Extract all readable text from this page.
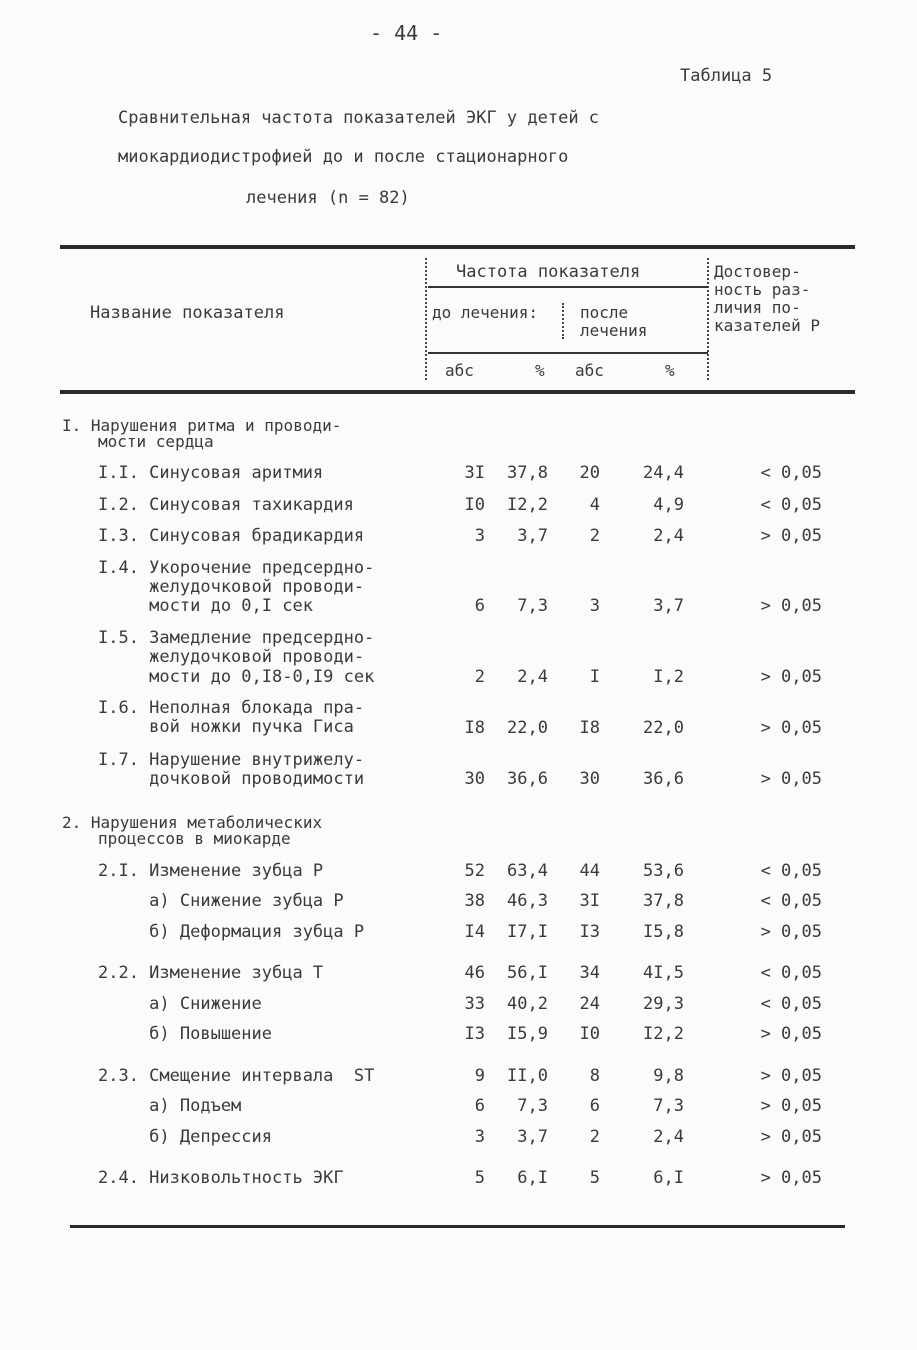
- 44 -
Таблица 5
Сравнительная частота показателей ЭКГ у детей с
миокардиодистрофией до и после стационарного
лечения (n = 82)
Название показателя
Частота показателя
до лечения:	после
лечения
Достовер-
ность раз-
личия по-
казателей Р
абс	% абс	%
I. Нарушения ритма и проводи-
мости сердца
I.I. Синусовая аритмия	3I	37,8	20	24,4	< 0,05
I.2. Синусовая тахикардия	I0	I2,2	4	4,9	< 0,05
I.3. Синусовая брадикардия	3	3,7	2	2,4	> 0,05
I.4. Укорочение предсердно-
желудочковой проводи-
мости до 0,I сек	6	7,3	3	3,7	> 0,05
I.5. Замедление предсердно-
желудочковой проводи-
мости до 0,I8-0,I9 сек	2	2,4	I	I,2	> 0,05
I.6. Неполная блокада пра-
вой ножки пучка Гиса	I8	22,0	I8	22,0	> 0,05
I.7. Нарушение внутрижелу-
дочковой проводимости	30	36,6	30	36,6	> 0,05
2. Нарушения метаболических
процессов в миокарде
2.I. Изменение зубца Р	52	63,4	44	53,6	< 0,05
а) Снижение зубца Р	38	46,3	3I	37,8	< 0,05
б) Деформация зубца Р	I4	I7,I	I3	I5,8	> 0,05
2.2. Изменение зубца Т	46	56,I	34	4I,5	< 0,05
а) Снижение	33	40,2	24	29,3	< 0,05
б) Повышение	I3	I5,9	I0	I2,2	> 0,05
2.3. Смещение интервала  ST	9	II,0	8	9,8	> 0,05
а) Подъем	6	7,3	6	7,3	> 0,05
б) Депрессия	3	3,7	2	2,4	> 0,05
2.4. Низковольтность ЭКГ	5	6,I	5	6,I	> 0,05
